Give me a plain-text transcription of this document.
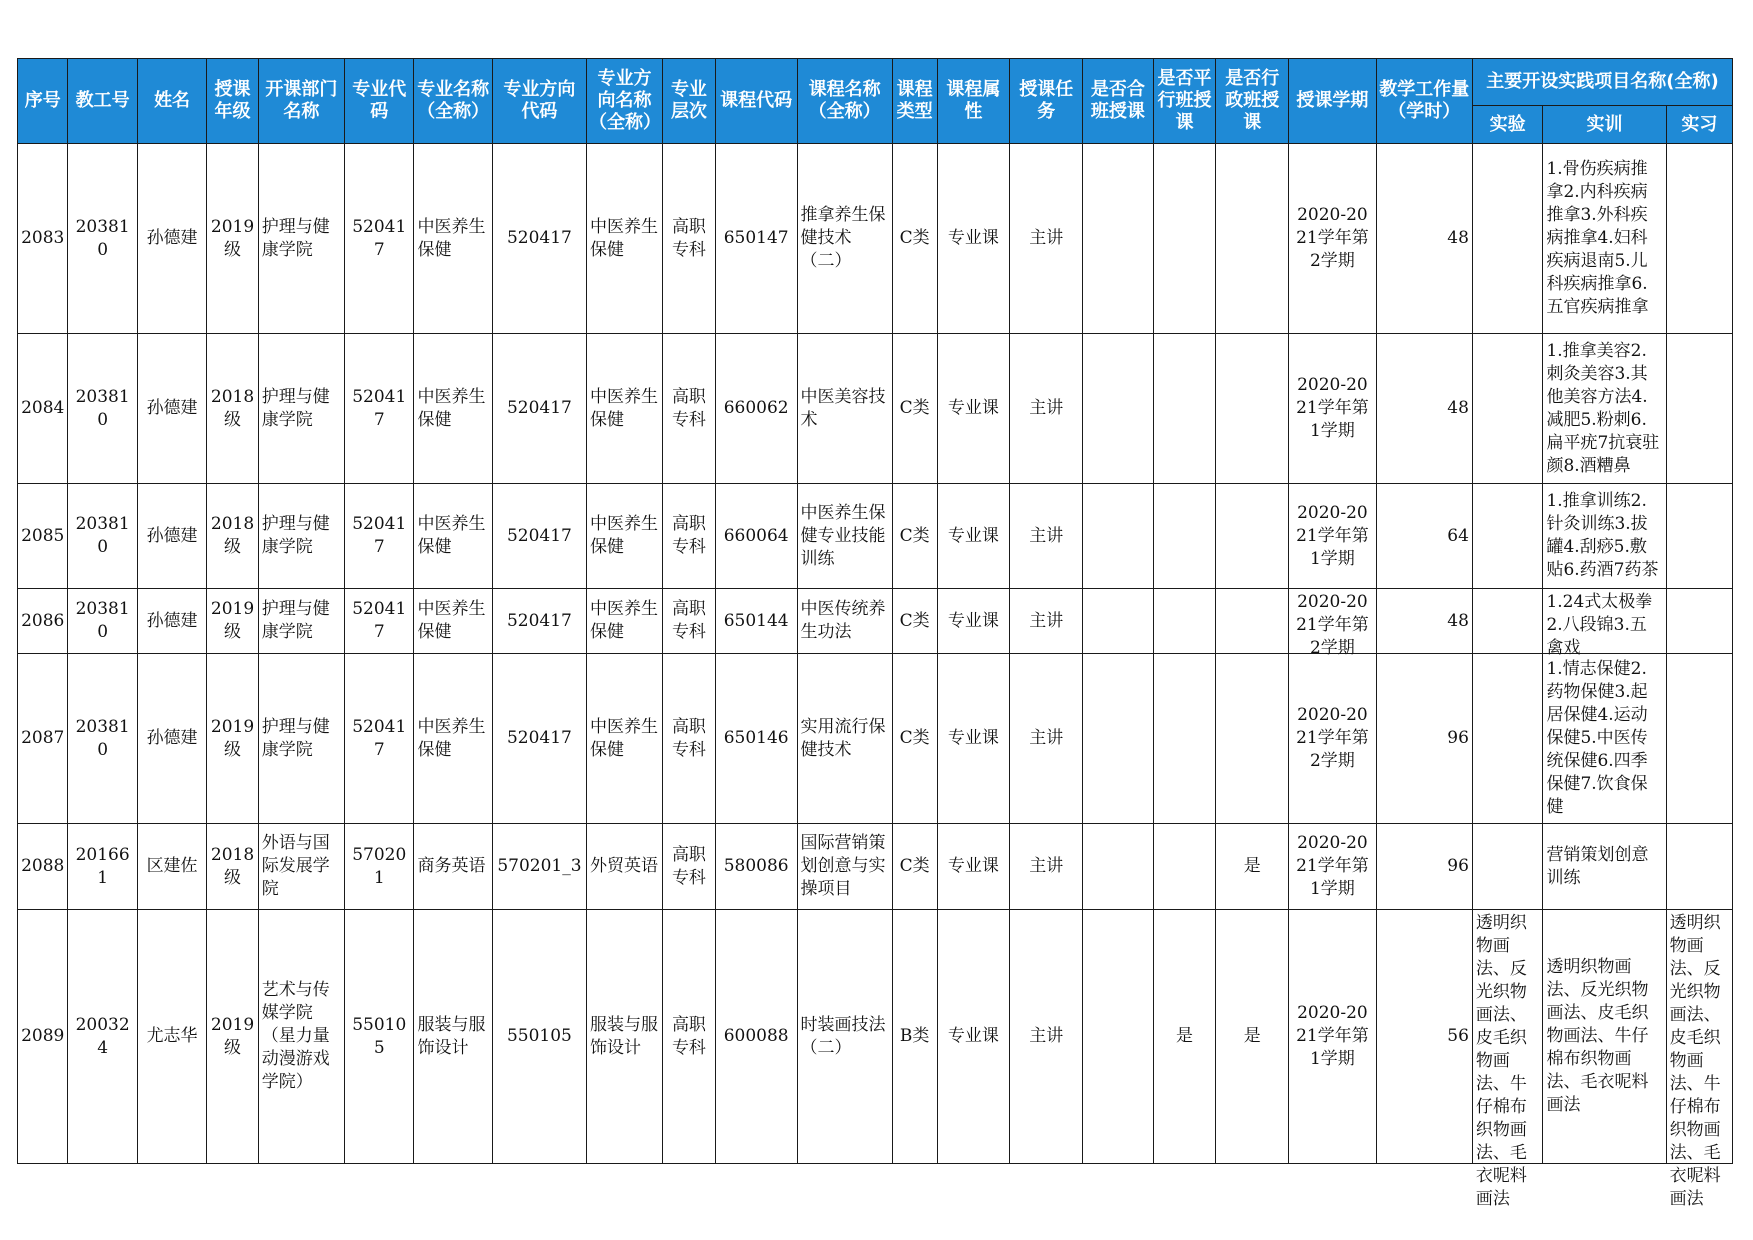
序号	教工号	姓名	授课年级	开课部门名称	专业代码	专业名称（全称）	专业方向代码	专业方向名称（全称）	专业层次	课程代码	课程名称（全称）	课程类型	课程属性	授课任务	是否合班授课	是否平行班授课	是否行政班授课	授课学期	教学工作量（学时）	主要开设实践项目名称(全称)		
																				实验	实训	实习

2083	203810	孙德建	2019级	护理与健康学院	520417	中医养生保健	520417	中医养生保健	高职专科	650147	推拿养生保健技术（二）	C类	专业课	主讲				2020-2021学年第2学期	48		1.骨伤疾病推拿2.内科疾病推拿3.外科疾病推拿4.妇科疾病退南5.儿科疾病推拿6.五官疾病推拿	

2084	203810	孙德建	2018级	护理与健康学院	520417	中医养生保健	520417	中医养生保健	高职专科	660062	中医美容技术	C类	专业课	主讲				2020-2021学年第1学期	48		1.推拿美容2.刺灸美容3.其他美容方法4.减肥5.粉刺6.扁平疣7抗衰驻颜8.酒糟鼻	

2085	203810	孙德建	2018级	护理与健康学院	520417	中医养生保健	520417	中医养生保健	高职专科	660064	中医养生保健专业技能训练	C类	专业课	主讲				2020-2021学年第1学期	64		1.推拿训练2.针灸训练3.拔罐4.刮痧5.敷贴6.药酒7药茶	

2086	203810	孙德建	2019级	护理与健康学院	520417	中医养生保健	520417	中医养生保健	高职专科	650144	中医传统养生功法	C类	专业课	主讲				2020-2021学年第2学期	48		1.24式太极拳2.八段锦3.五禽戏	

2087	203810	孙德建	2019级	护理与健康学院	520417	中医养生保健	520417	中医养生保健	高职专科	650146	实用流行保健技术	C类	专业课	主讲				2020-2021学年第2学期	96		1.情志保健2.药物保健3.起居保健4.运动保健5.中医传统保健6.四季保健7.饮食保健	

2088	201661	区建佐	2018级	外语与国际发展学院	570201	商务英语	570201_3	外贸英语	高职专科	580086	国际营销策划创意与实操项目	C类	专业课	主讲			是	2020-2021学年第1学期	96		营销策划创意训练	

2089	200324	尤志华	2019级	艺术与传媒学院（星力量动漫游戏学院）	550105	服装与服饰设计	550105	服装与服饰设计	高职专科	600088	时装画技法（二）	B类	专业课	主讲		是	是	2020-2021学年第1学期	56	透明织物画法、反光织物画法、皮毛织物画法、牛仔棉布织物画法、毛衣呢料画法	透明织物画法、反光织物画法、皮毛织物画法、牛仔棉布织物画法、毛衣呢料画法	透明织物画法、反光织物画法、皮毛织物画法、牛仔棉布织物画法、毛衣呢料画法
